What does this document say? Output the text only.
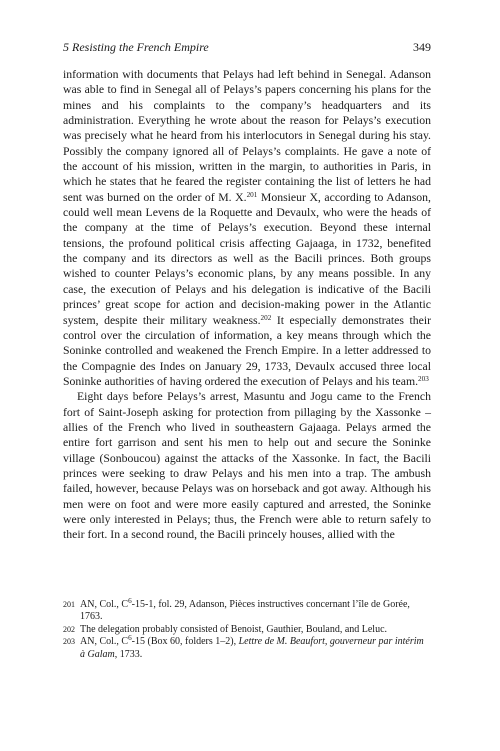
5 Resisting the French Empire	349

information with documents that Pelays had left behind in Senegal. Adanson was able to find in Senegal all of Pelays’s papers concerning his plans for the mines and his complaints to the company’s headquarters and its administration. Everything he wrote about the reason for Pelays’s execution was precisely what he heard from his interlocutors in Senegal during his stay. Possibly the company ignored all of Pelays’s complaints. He gave a note of the account of his mission, written in the margin, to authorities in Paris, in which he states that he feared the register containing the list of letters he had sent was burned on the order of M. X.$^{201}$ Monsieur X, according to Adanson, could well mean Levens de la Roquette and Devaulx, who were the heads of the company at the time of Pelays’s execution. Beyond these internal tensions, the profound political crisis affecting Gajaaga, in 1732, benefited the company and its directors as well as the Bacili princes. Both groups wished to counter Pelays’s economic plans, by any means possible. In any case, the execution of Pelays and his delegation is indicative of the Bacili princes’ great scope for action and decision-making power in the Atlantic system, despite their military weakness.$^{202}$ It especially demonstrates their control over the circulation of information, a key means through which the Soninke controlled and weakened the French Empire. In a letter addressed to the Compagnie des Indes on January 29, 1733, Devaulx accused three local Soninke authorities of having ordered the execution of Pelays and his team.$^{203}$

Eight days before Pelays’s arrest, Masuntu and Jogu came to the French fort of Saint-Joseph asking for protection from pillaging by the Xassonke – allies of the French who lived in southeastern Gajaaga. Pelays armed the entire fort garrison and sent his men to help out and secure the Soninke village (Sonboucou) against the attacks of the Xassonke. In fact, the Bacili princes were seeking to draw Pelays and his men into a trap. The ambush failed, however, because Pelays was on horseback and got away. Although his men were on foot and were more easily captured and arrested, the Soninke were only interested in Pelays; thus, the French were able to return safely to their fort. In a second round, the Bacili princely houses, allied with the

201 AN, Col., $C^6-15-1$, fol. 29, Adanson, Pièces instructives concernant l’île de Gorée, 1763.
202 The delegation probably consisted of Benoist, Gauthier, Bouland, and Leluc.
203 AN, Col., $C^6-15$ (Box 60, folders 1–2), Lettre de M. Beaufort, gouverneur par intérim à Galam, 1733.
